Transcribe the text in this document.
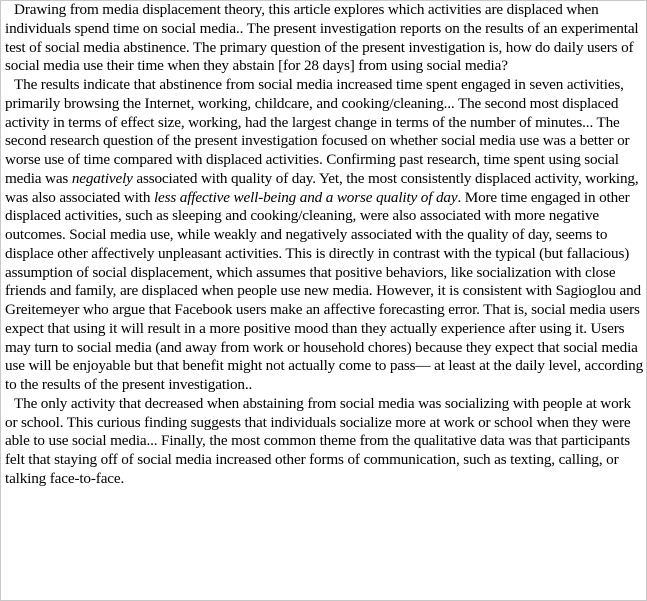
Drawing from media displacement theory, this article explores which activities are displaced when individuals spend time on social media.. The present investigation reports on the results of an experimental test of social media abstinence. The primary question of the present investigation is, how do daily users of social media use their time when they abstain [for 28 days] from using social media?

The results indicate that abstinence from social media increased time spent engaged in seven activities, primarily browsing the Internet, working, childcare, and cooking/cleaning... The second most displaced activity in terms of effect size, working, had the largest change in terms of the number of minutes... The second research question of the present investigation focused on whether social media use was a better or worse use of time compared with displaced activities. Confirming past research, time spent using social media was negatively associated with quality of day. Yet, the most consistently displaced activity, working, was also associated with less affective well-being and a worse quality of day. More time engaged in other displaced activities, such as sleeping and cooking/cleaning, were also associated with more negative outcomes. Social media use, while weakly and negatively associated with the quality of day, seems to displace other affectively unpleasant activities. This is directly in contrast with the typical (but fallacious) assumption of social displacement, which assumes that positive behaviors, like socialization with close friends and family, are displaced when people use new media. However, it is consistent with Sagioglou and Greitemeyer who argue that Facebook users make an affective forecasting error. That is, social media users expect that using it will result in a more positive mood than they actually experience after using it. Users may turn to social media (and away from work or household chores) because they expect that social media use will be enjoyable but that benefit might not actually come to pass— at least at the daily level, according to the results of the present investigation..

The only activity that decreased when abstaining from social media was socializing with people at work or school. This curious finding suggests that individuals socialize more at work or school when they were able to use social media... Finally, the most common theme from the qualitative data was that participants felt that staying off of social media increased other forms of communication, such as texting, calling, or talking face-to-face.
